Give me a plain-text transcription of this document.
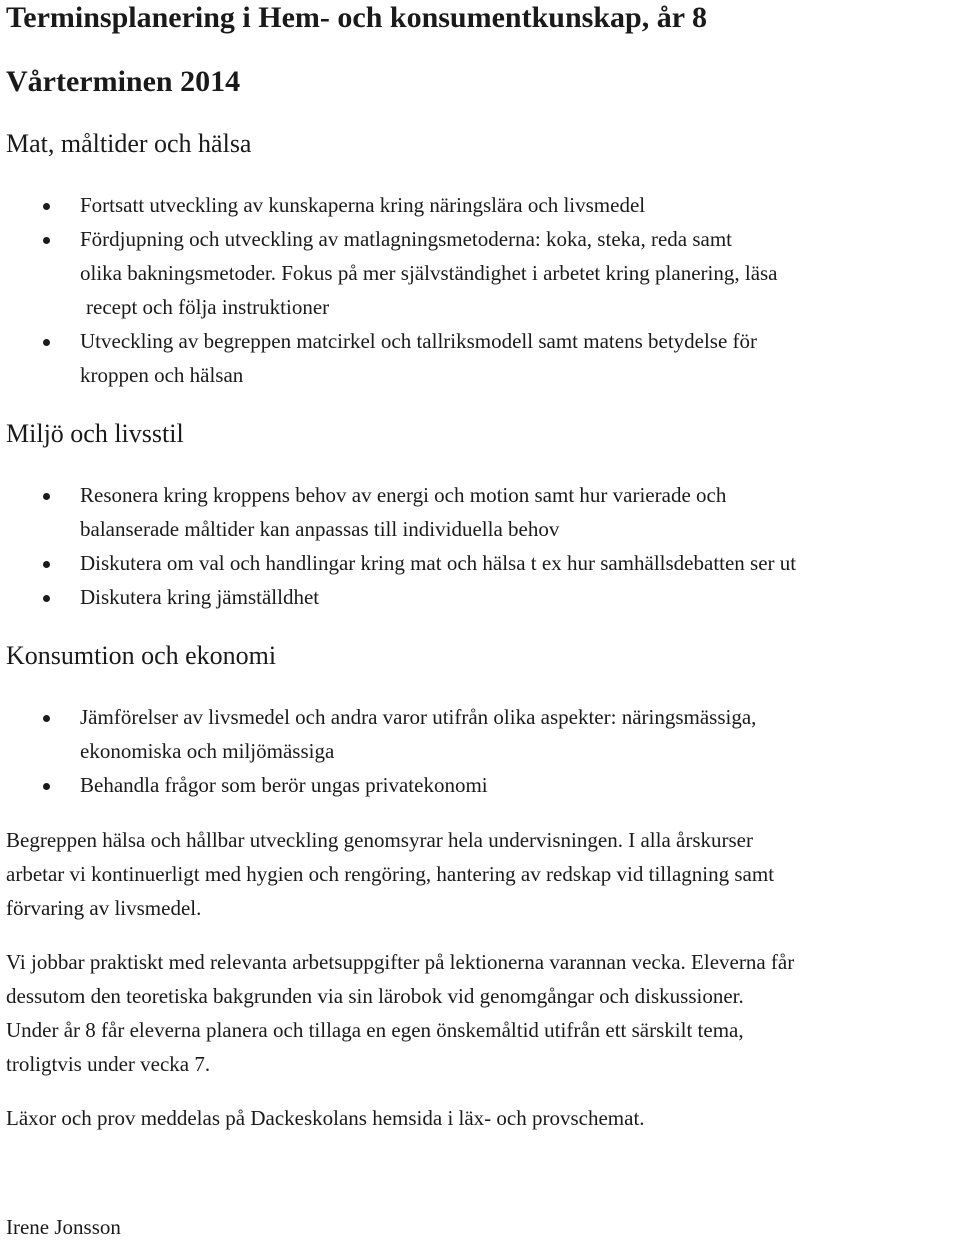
Terminsplanering i Hem- och konsumentkunskap, år 8
Vårterminen 2014
Mat, måltider och hälsa
Fortsatt utveckling av kunskaperna kring näringslära och livsmedel
Fördjupning och utveckling av matlagningsmetoderna: koka, steka, reda samt
olika bakningsmetoder. Fokus på mer självständighet i arbetet kring planering, läsa
recept och följa instruktioner
Utveckling av begreppen matcirkel och tallriksmodell samt matens betydelse för
kroppen och hälsan
Miljö och livsstil
Resonera kring kroppens behov av energi och motion samt hur varierade och
balanserade måltider kan anpassas till individuella behov
Diskutera om val och handlingar kring mat och hälsa t ex hur samhällsdebatten ser ut
Diskutera kring jämställdhet
Konsumtion och ekonomi
Jämförelser av livsmedel och andra varor utifrån olika aspekter: näringsmässiga,
ekonomiska och miljömässiga
Behandla frågor som berör ungas privatekonomi

Begreppen hälsa och hållbar utveckling genomsyrar hela undervisningen. I alla årskurser
arbetar vi kontinuerligt med hygien och rengöring, hantering av redskap vid tillagning samt
förvaring av livsmedel.

Vi jobbar praktiskt med relevanta arbetsuppgifter på lektionerna varannan vecka. Eleverna får
dessutom den teoretiska bakgrunden via sin lärobok vid genomgångar och diskussioner.
Under år 8 får eleverna planera och tillaga en egen önskemåltid utifrån ett särskilt tema,
troligtvis under vecka 7.

Läxor och prov meddelas på Dackeskolans hemsida i läx- och provschemat.

Irene Jonsson
